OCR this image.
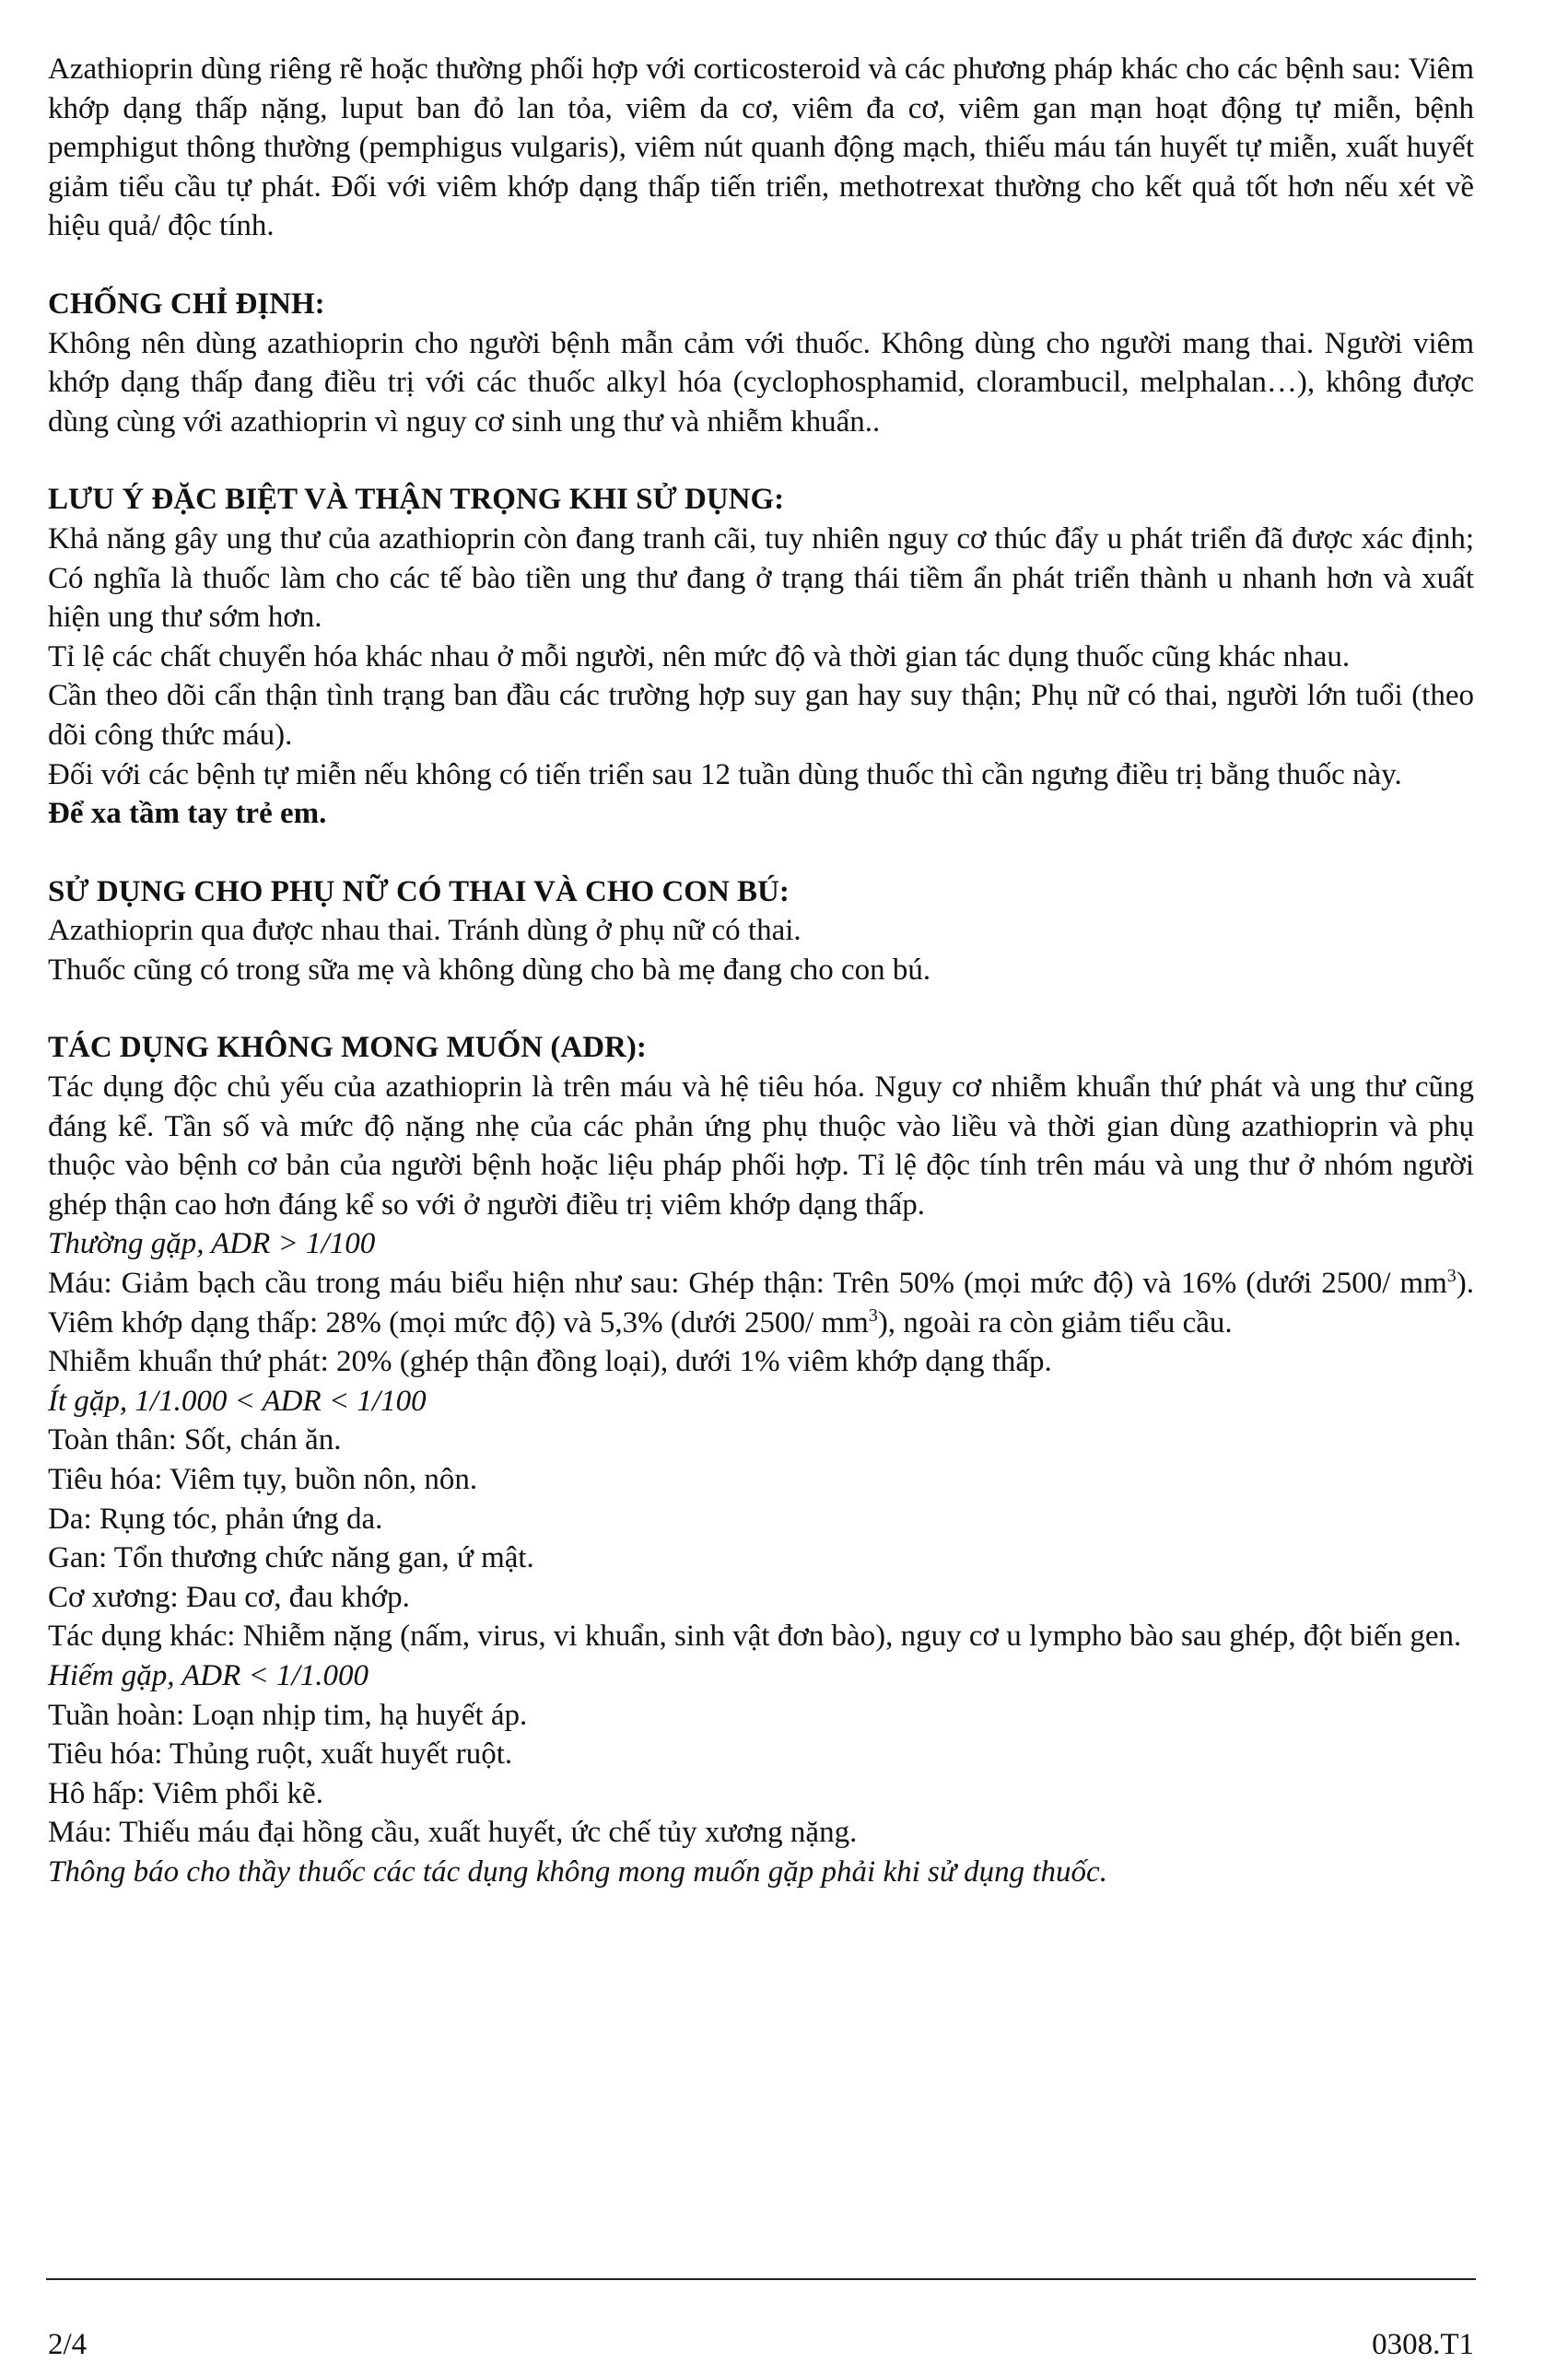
Azathioprin dùng riêng rẽ hoặc thường phối hợp với corticosteroid và các phương pháp khác cho các bệnh sau: Viêm khớp dạng thấp nặng, luput ban đỏ lan tỏa, viêm da cơ, viêm đa cơ, viêm gan mạn hoạt động tự miễn, bệnh pemphigut thông thường (pemphigus vulgaris), viêm nút quanh động mạch, thiếu máu tán huyết tự miễn, xuất huyết giảm tiểu cầu tự phát. Đối với viêm khớp dạng thấp tiến triển, methotrexat thường cho kết quả tốt hơn nếu xét về hiệu quả/ độc tính.

CHỐNG CHỈ ĐỊNH:

Không nên dùng azathioprin cho người bệnh mẫn cảm với thuốc. Không dùng cho người mang thai. Người viêm khớp dạng thấp đang điều trị với các thuốc alkyl hóa (cyclophosphamid, clorambucil, melphalan…), không được dùng cùng với azathioprin vì nguy cơ sinh ung thư và nhiễm khuẩn..

LƯU Ý ĐẶC BIỆT VÀ THẬN TRỌNG KHI SỬ DỤNG:

Khả năng gây ung thư của azathioprin còn đang tranh cãi, tuy nhiên nguy cơ thúc đẩy u phát triển đã được xác định; Có nghĩa là thuốc làm cho các tế bào tiền ung thư đang ở trạng thái tiềm ẩn phát triển thành u nhanh hơn và xuất hiện ung thư sớm hơn.

Tỉ lệ các chất chuyển hóa khác nhau ở mỗi người, nên mức độ và thời gian tác dụng thuốc cũng khác nhau.

Cần theo dõi cẩn thận tình trạng ban đầu các trường hợp suy gan hay suy thận; Phụ nữ có thai, người lớn tuổi (theo dõi công thức máu).

Đối với các bệnh tự miễn nếu không có tiến triển sau 12 tuần dùng thuốc thì cần ngưng điều trị bằng thuốc này.

Để xa tầm tay trẻ em.

SỬ DỤNG CHO PHỤ NỮ CÓ THAI VÀ CHO CON BÚ:

Azathioprin qua được nhau thai. Tránh dùng ở phụ nữ có thai.

Thuốc cũng có trong sữa mẹ và không dùng cho bà mẹ đang cho con bú.

TÁC DỤNG KHÔNG MONG MUỐN (ADR):

Tác dụng độc chủ yếu của azathioprin là trên máu và hệ tiêu hóa. Nguy cơ nhiễm khuẩn thứ phát và ung thư cũng đáng kể. Tần số và mức độ nặng nhẹ của các phản ứng phụ thuộc vào liều và thời gian dùng azathioprin và phụ thuộc vào bệnh cơ bản của người bệnh hoặc liệu pháp phối hợp. Tỉ lệ độc tính trên máu và ung thư ở nhóm người ghép thận cao hơn đáng kể so với ở người điều trị viêm khớp dạng thấp.

Thường gặp, ADR > 1/100

Máu: Giảm bạch cầu trong máu biểu hiện như sau: Ghép thận: Trên 50% (mọi mức độ) và 16% (dưới 2500/ $mm^3$). Viêm khớp dạng thấp: 28% (mọi mức độ) và 5,3% (dưới 2500/ $mm^3$), ngoài ra còn giảm tiểu cầu.

Nhiễm khuẩn thứ phát: 20% (ghép thận đồng loại), dưới 1% viêm khớp dạng thấp.

Ít gặp, 1/1.000 < ADR < 1/100

Toàn thân: Sốt, chán ăn.

Tiêu hóa: Viêm tụy, buồn nôn, nôn.

Da: Rụng tóc, phản ứng da.

Gan: Tổn thương chức năng gan, ứ mật.

Cơ xương: Đau cơ, đau khớp.

Tác dụng khác: Nhiễm nặng (nấm, virus, vi khuẩn, sinh vật đơn bào), nguy cơ u lympho bào sau ghép, đột biến gen.

Hiếm gặp, ADR < 1/1.000

Tuần hoàn: Loạn nhịp tim, hạ huyết áp.

Tiêu hóa: Thủng ruột, xuất huyết ruột.

Hô hấp: Viêm phổi kẽ.

Máu: Thiếu máu đại hồng cầu, xuất huyết, ức chế tủy xương nặng.

Thông báo cho thầy thuốc các tác dụng không mong muốn gặp phải khi sử dụng thuốc.

2/4	0308.T1
